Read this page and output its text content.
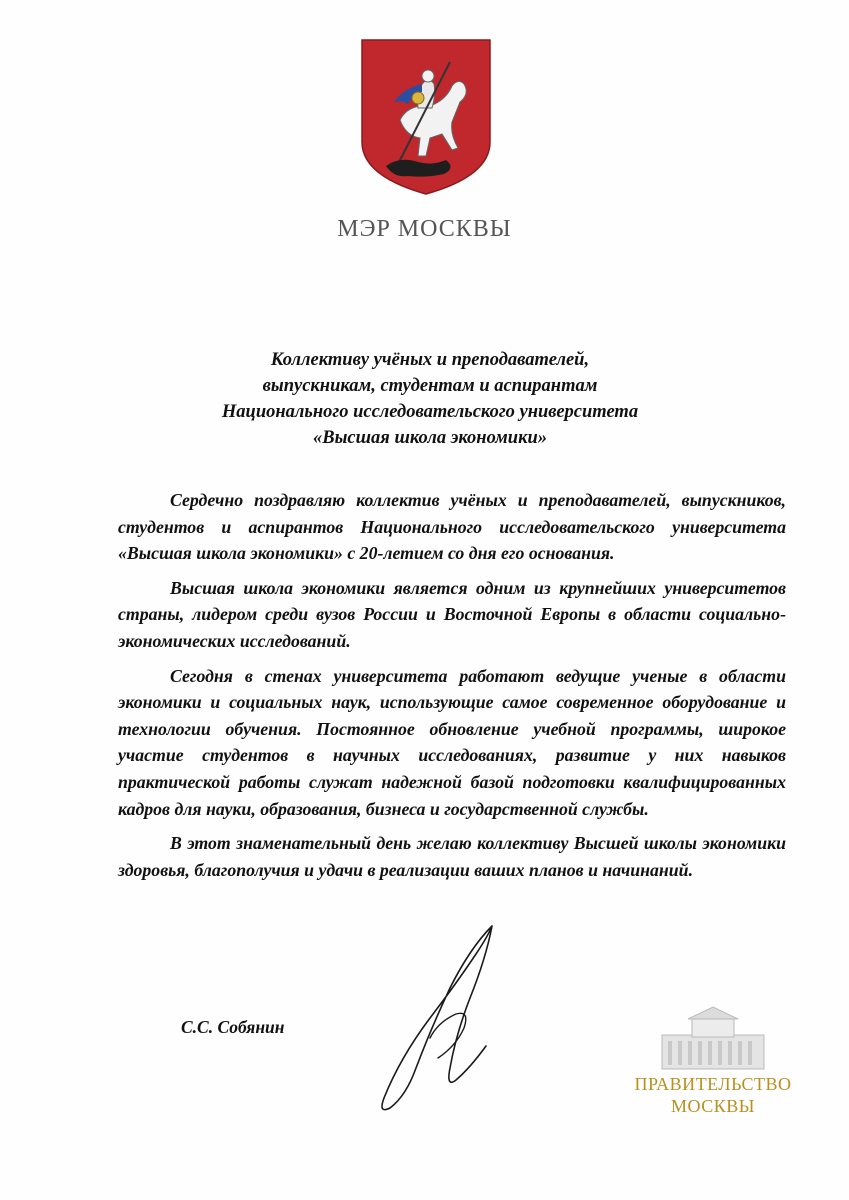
МЭР МОСКВЫ
Коллективу учёных и преподавателей,
выпускникам, студентам и аспирантам
Национального исследовательского университета
«Высшая школа экономики»

Сердечно поздравляю коллектив учёных и преподавателей, выпускников, студентов и аспирантов Национального исследовательского университета «Высшая школа экономики» с 20-летием со дня его основания.

Высшая школа экономики является одним из крупнейших университетов страны, лидером среди вузов России и Восточной Европы в области социально-экономических исследований.

Сегодня в стенах университета работают ведущие ученые в области экономики и социальных наук, использующие самое современное оборудование и технологии обучения. Постоянное обновление учебной программы, широкое участие студентов в научных исследованиях, развитие у них навыков практической работы служат надежной базой подготовки квалифицированных кадров для науки, образования, бизнеса и государственной службы.

В этот знаменательный день желаю коллективу Высшей школы экономики здоровья, благополучия и удачи в реализации ваших планов и начинаний.

С.С. Собянин
ПРАВИТЕЛЬСТВО
МОСКВЫ
